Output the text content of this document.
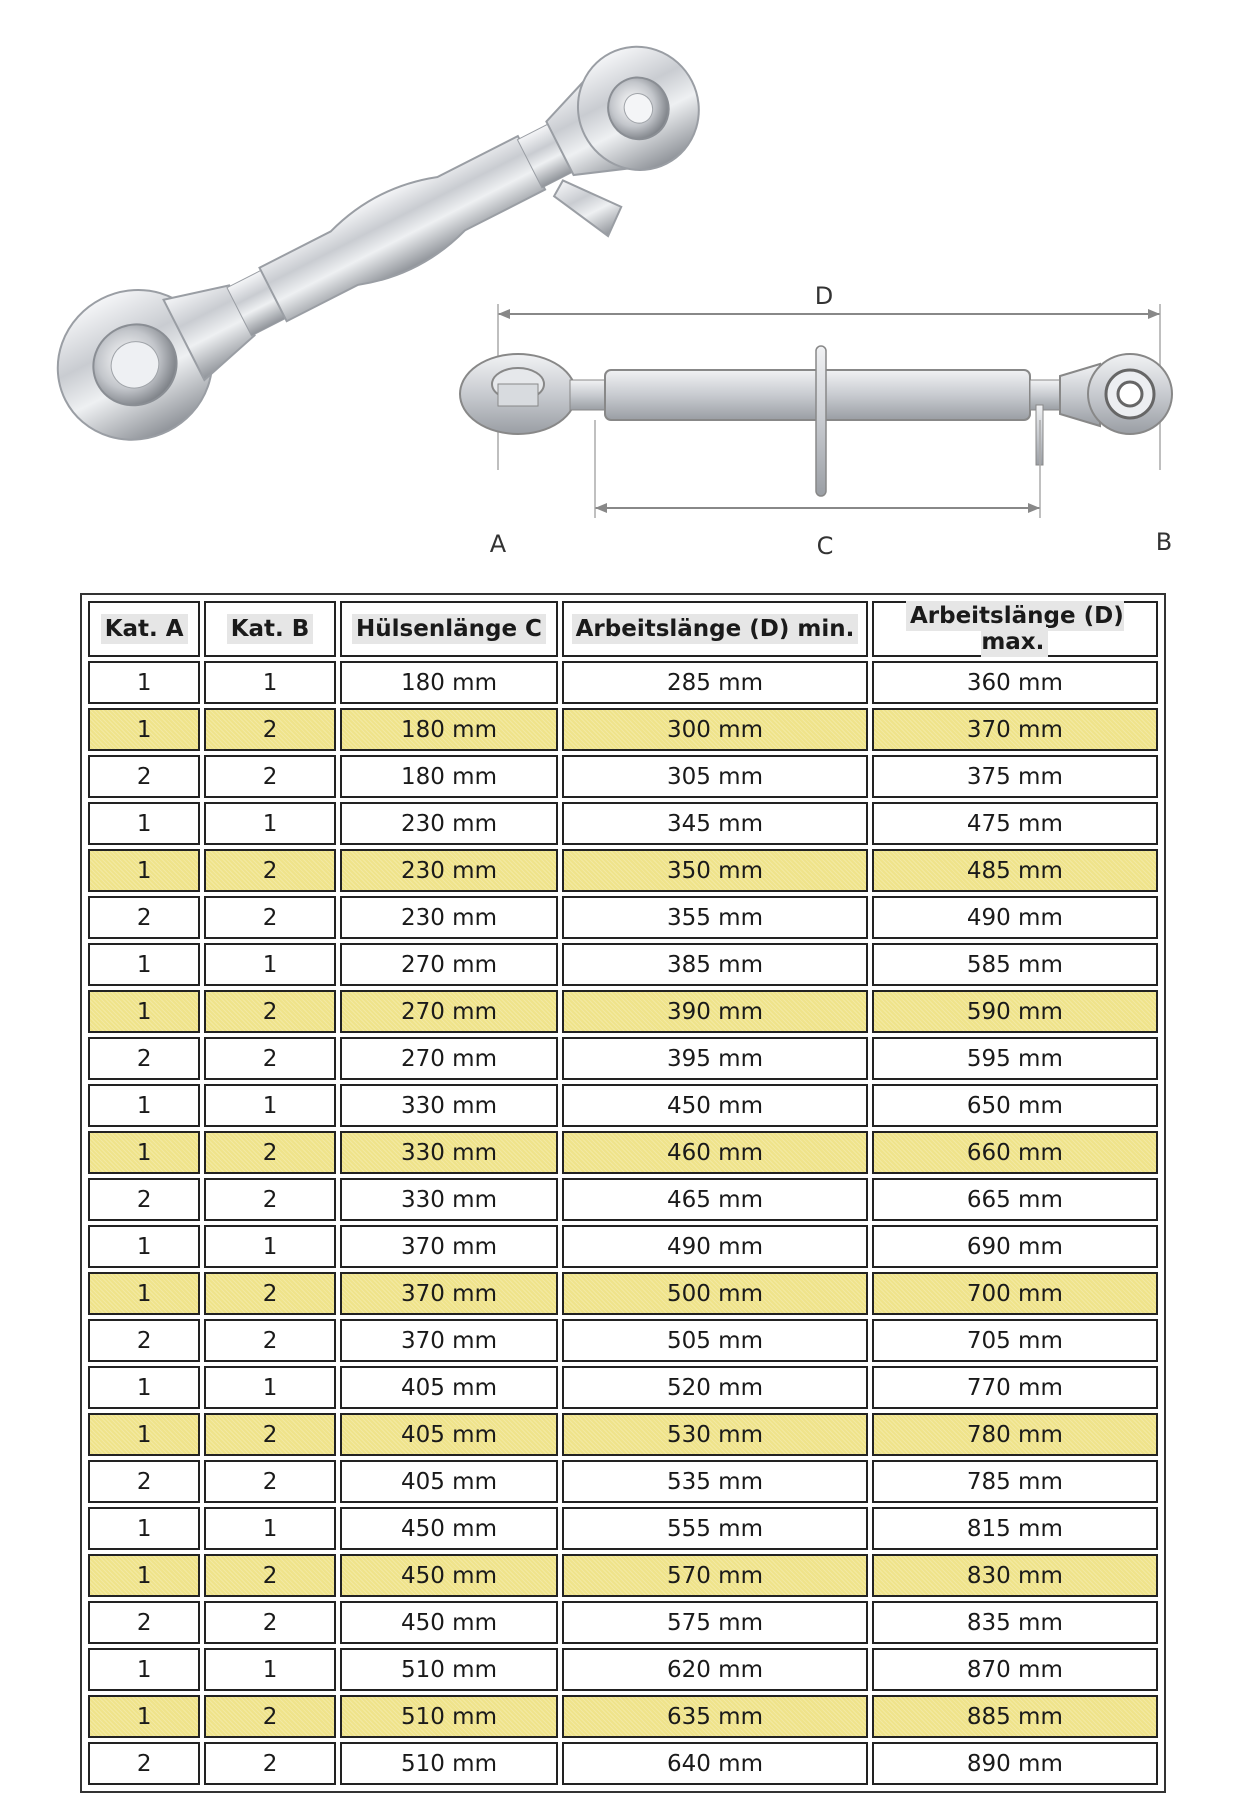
D
C
A	B
Kat. A	Kat. B	Hülsenlänge C	Arbeitslänge (D) min.	Arbeitslänge (D) max.
1	1	180 mm	285 mm	360 mm
1	2	180 mm	300 mm	370 mm
2	2	180 mm	305 mm	375 mm
1	1	230 mm	345 mm	475 mm
1	2	230 mm	350 mm	485 mm
2	2	230 mm	355 mm	490 mm
1	1	270 mm	385 mm	585 mm
1	2	270 mm	390 mm	590 mm
2	2	270 mm	395 mm	595 mm
1	1	330 mm	450 mm	650 mm
1	2	330 mm	460 mm	660 mm
2	2	330 mm	465 mm	665 mm
1	1	370 mm	490 mm	690 mm
1	2	370 mm	500 mm	700 mm
2	2	370 mm	505 mm	705 mm
1	1	405 mm	520 mm	770 mm
1	2	405 mm	530 mm	780 mm
2	2	405 mm	535 mm	785 mm
1	1	450 mm	555 mm	815 mm
1	2	450 mm	570 mm	830 mm
2	2	450 mm	575 mm	835 mm
1	1	510 mm	620 mm	870 mm
1	2	510 mm	635 mm	885 mm
2	2	510 mm	640 mm	890 mm
